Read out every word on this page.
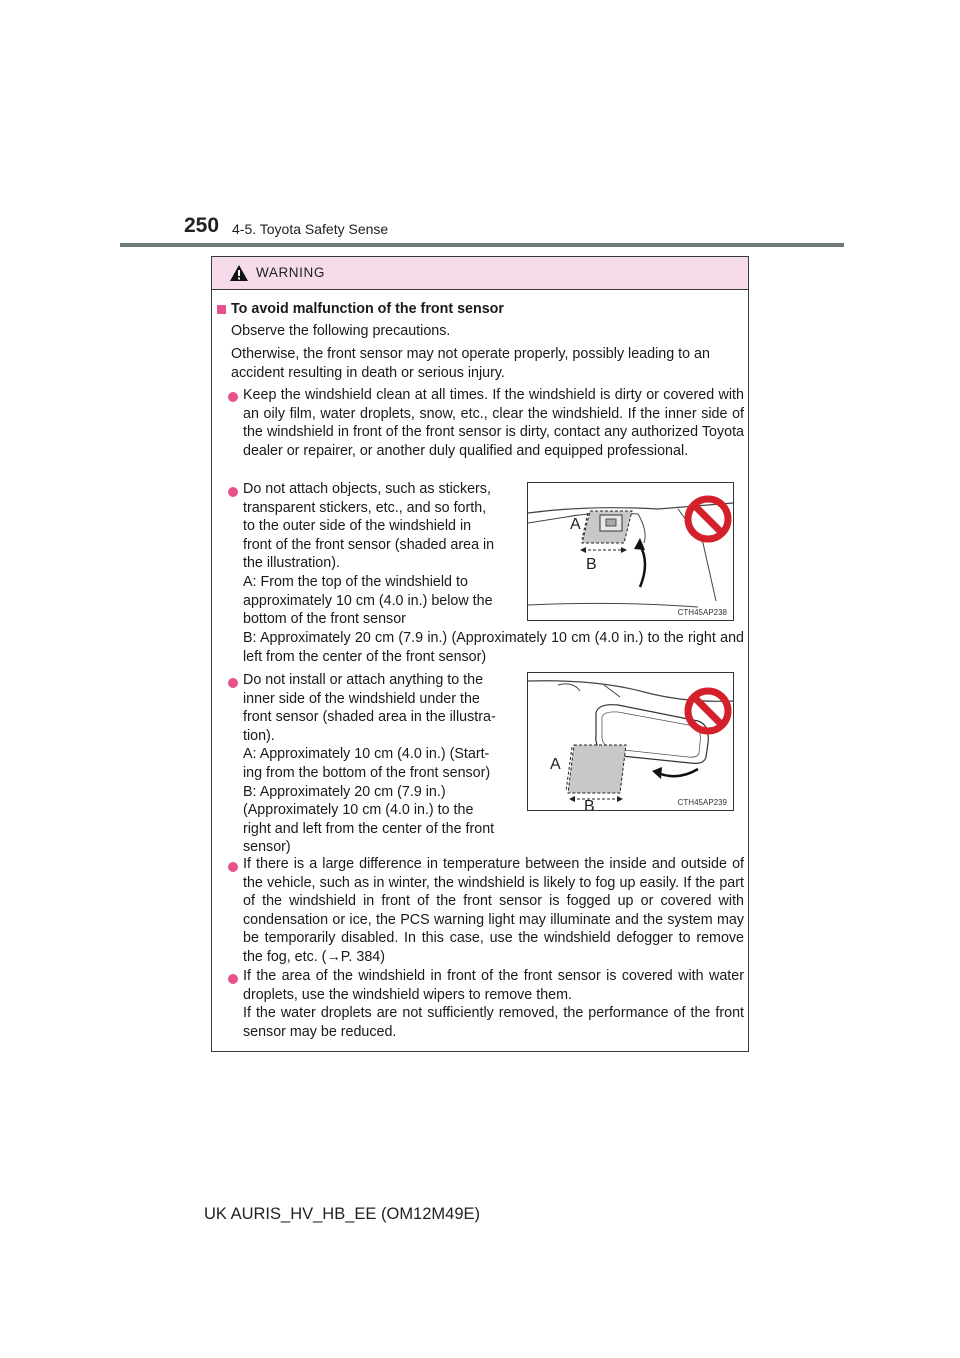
250 4-5. Toyota Safety Sense
WARNING
To avoid malfunction of the front sensor
Observe the following precautions.
Otherwise, the front sensor may not operate properly, possibly leading to an accident resulting in death or serious injury.
Keep the windshield clean at all times. If the windshield is dirty or covered with an oily film, water droplets, snow, etc., clear the windshield. If the inner side of the windshield in front of the front sensor is dirty, contact any authorized Toyota dealer or repairer, or another duly qualified and equipped professional.
Do not attach objects, such as stickers,
transparent stickers, etc., and so forth,
to the outer side of the windshield in
front of the front sensor (shaded area in
the illustration).
A: From the top of the windshield to
approximately 10 cm (4.0 in.) below the
bottom of the front sensor
A
B
CTH45AP238
B: Approximately 20 cm (7.9 in.) (Approximately 10 cm (4.0 in.) to the right and left from the center of the front sensor)
Do not install or attach anything to the
inner side of the windshield under the
front sensor (shaded area in the illustra-
tion).
A: Approximately 10 cm (4.0 in.) (Start-
ing from the bottom of the front sensor)
B: Approximately 20 cm (7.9 in.)
(Approximately 10 cm (4.0 in.) to the
right and left from the center of the front
sensor)
A
B	CTH45AP239
If there is a large difference in temperature between the inside and outside of the vehicle, such as in winter, the windshield is likely to fog up easily. If the part of the windshield in front of the front sensor is fogged up or covered with condensation or ice, the PCS warning light may illuminate and the system may be temporarily disabled. In this case, use the windshield defogger to remove the fog, etc. (→P. 384)
If the area of the windshield in front of the front sensor is covered with water droplets, use the windshield wipers to remove them.
If the water droplets are not sufficiently removed, the performance of the front sensor may be reduced.
UK AURIS_HV_HB_EE (OM12M49E)
